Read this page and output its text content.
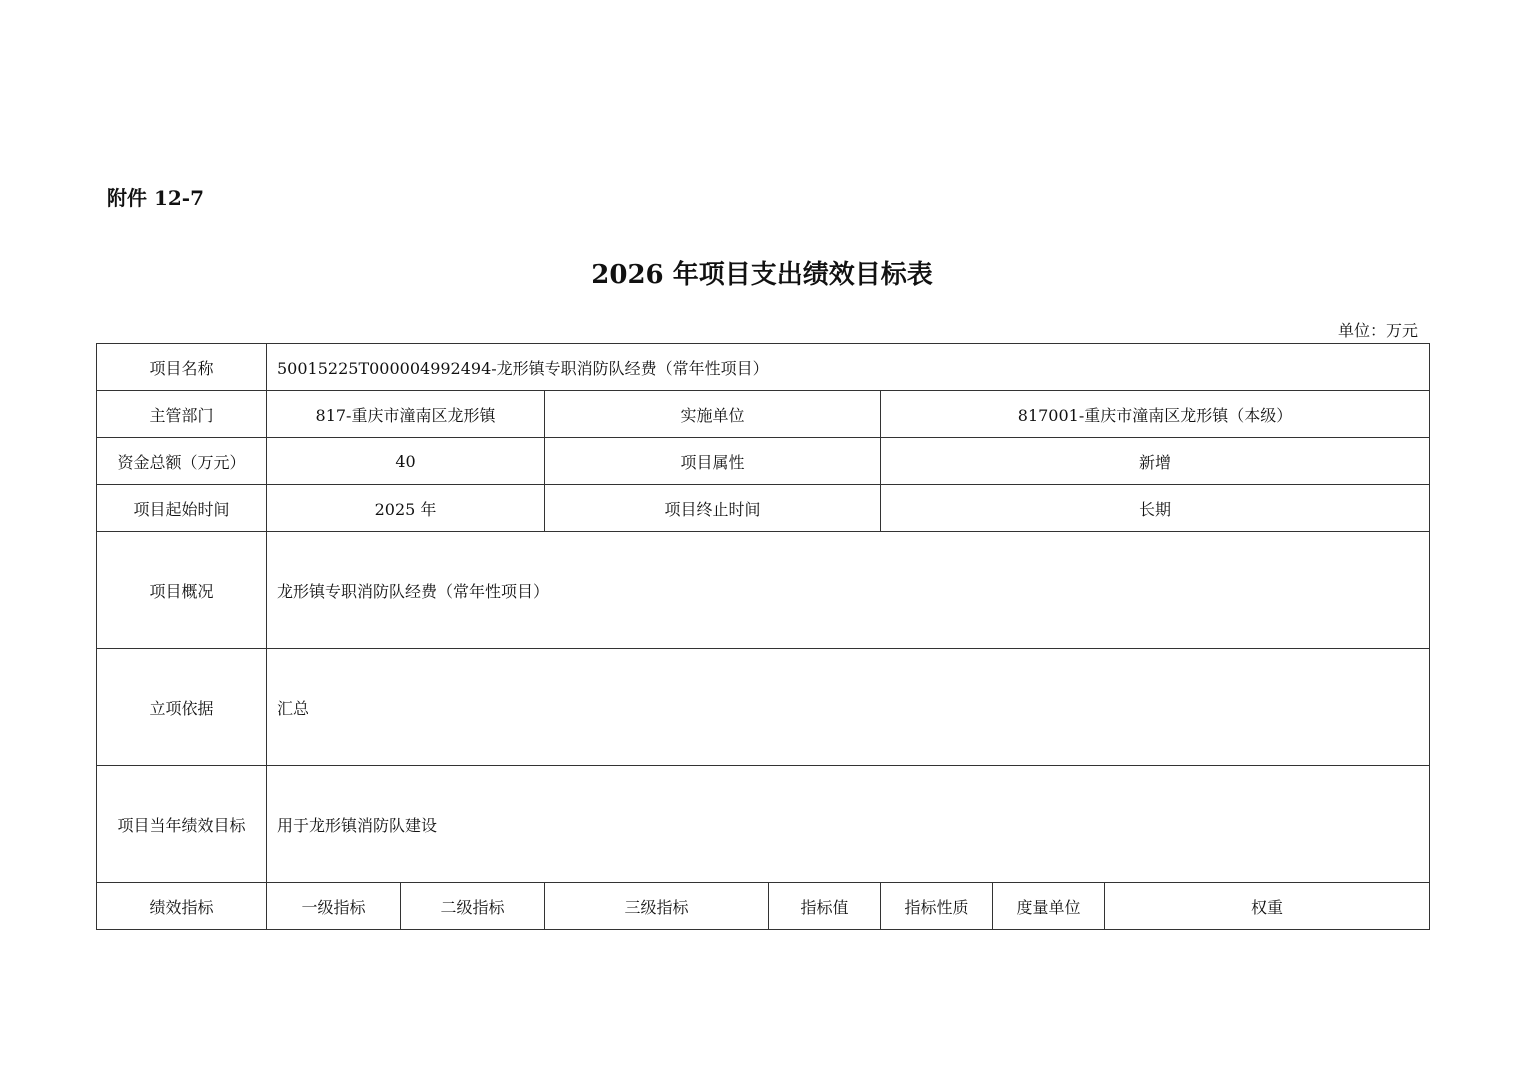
附件 12-7
2026 年项目支出绩效目标表
单位：万元
项目名称	50015225T000004992494-龙形镇专职消防队经费（常年性项目）						
主管部门	817-重庆市潼南区龙形镇		实施单位		817001-重庆市潼南区龙形镇（本级）		
资金总额（万元）	40		项目属性		新增		
项目起始时间	2025 年		项目终止时间		长期		
项目概况	龙形镇专职消防队经费（常年性项目）						
立项依据	汇总						
项目当年绩效目标	用于龙形镇消防队建设						
绩效指标	一级指标	二级指标	三级指标	指标值	指标性质	度量单位	权重
